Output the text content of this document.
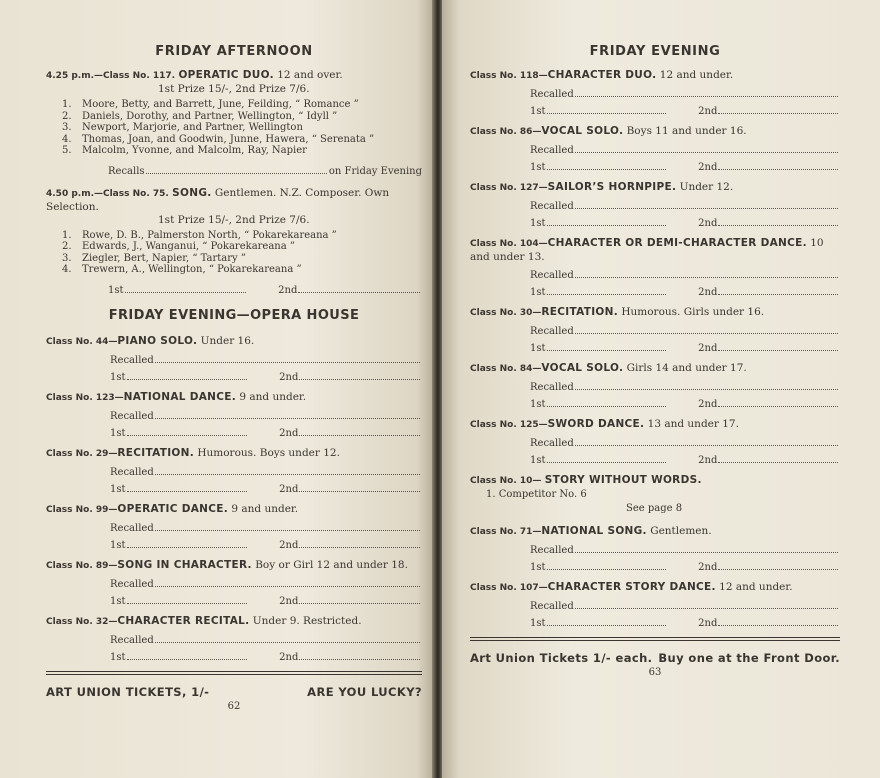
FRIDAY AFTERNOON
4.25 p.m.—Class No. 117. OPERATIC DUO. 12 and over.
1st Prize 15/-, 2nd Prize 7/6.
1. Moore, Betty, and Barrett, June, Feilding, “ Romance ”
2. Daniels, Dorothy, and Partner, Wellington, “ Idyll ”
3. Newport, Marjorie, and Partner, Wellington
4. Thomas, Joan, and Goodwin, Junne, Hawera, “ Serenata ”
5. Malcolm, Yvonne, and Malcolm, Ray, Napier
Recalls	on Friday Evening
4.50 p.m.—Class No. 75. SONG. Gentlemen. N.Z. Composer. Own Selection.
1st Prize 15/-, 2nd Prize 7/6.
1. Rowe, D. B., Palmerston North, “ Pokarekareana ”
2. Edwards, J., Wanganui, “ Pokarekareana ”
3. Ziegler, Bert, Napier, “ Tartary ”
4. Trewern, A., Wellington, “ Pokarekareana ”
1st	2nd
FRIDAY EVENING—OPERA HOUSE
Class No. 44—PIANO SOLO. Under 16.
Recalled
1st	2nd
Class No. 123—NATIONAL DANCE. 9 and under.
Recalled
1st	2nd
Class No. 29—RECITATION. Humorous. Boys under 12.
Recalled
1st	2nd
Class No. 99—OPERATIC DANCE. 9 and under.
Recalled
1st	2nd
Class No. 89—SONG IN CHARACTER. Boy or Girl 12 and under 18.
Recalled
1st	2nd
Class No. 32—CHARACTER RECITAL. Under 9. Restricted.
Recalled
1st	2nd
ART UNION TICKETS, 1/-	ARE YOU LUCKY?
62
FRIDAY EVENING
Class No. 118—CHARACTER DUO. 12 and under.
Recalled
1st	2nd
Class No. 86—VOCAL SOLO. Boys 11 and under 16.
Recalled
1st	2nd
Class No. 127—SAILOR’S HORNPIPE. Under 12.
Recalled
1st	2nd
Class No. 104—CHARACTER OR DEMI-CHARACTER DANCE. 10 and under 13.
Recalled
1st	2nd
Class No. 30—RECITATION. Humorous. Girls under 16.
Recalled
1st	2nd
Class No. 84—VOCAL SOLO. Girls 14 and under 17.
Recalled
1st	2nd
Class No. 125—SWORD DANCE. 13 and under 17.
Recalled
1st	2nd
Class No. 10— STORY WITHOUT WORDS.
1. Competitor No. 6
See page 8
Class No. 71—NATIONAL SONG. Gentlemen.
Recalled
1st	2nd
Class No. 107—CHARACTER STORY DANCE. 12 and under.
Recalled
1st	2nd
Art Union Tickets 1/- each. Buy one at the Front Door.
63
